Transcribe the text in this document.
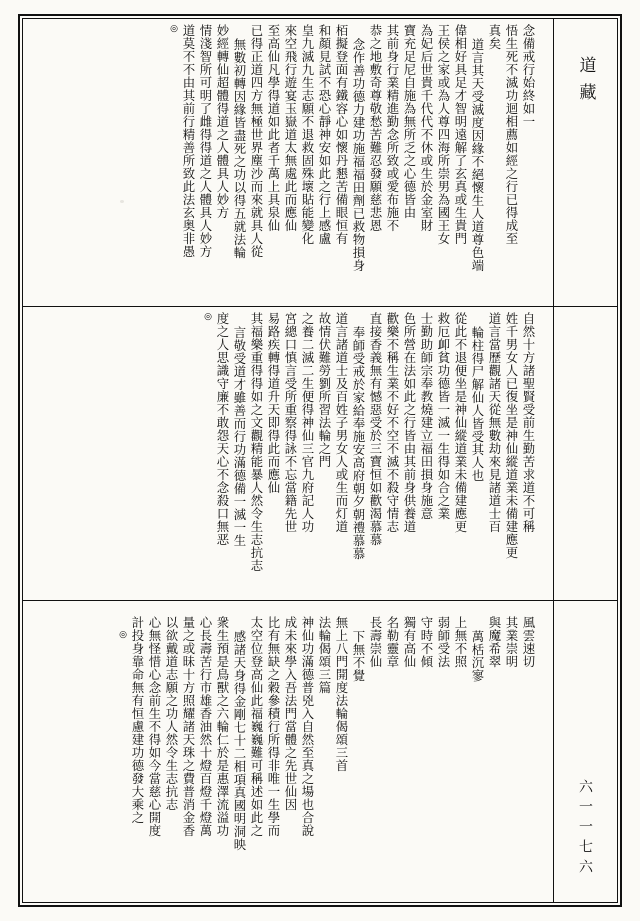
道藏
六一一七六
念備戒行始終如一
悟生死不滅功迴相薦如經之行已得成至
真矣
道言其天受滅度因緣不絕懷生人道尊色端
偉相好具足才智明遠解了玄真或生貴門
王侯之家或為人尊四海所崇男為國王女
為妃后世貴千代代不休或生於金室財
寶充足尼自施為無所乏之心德皆由
其前身行業精進勤念所致或愛布施不
恭之地敷奇尊敬愁苦難忍發願慈悲恩
念作善功德力建功施福福田劑已救物損身
栢擬登面有鐵容心如懷丹懇苦備眼恒有
和顏見試不恐心靜神安如此之行上感盧
皇九滅九生志願不退救固殊壞貼能變化
來空飛行遊宴玉嶽道太無處此而應仙
至高仙凡學得道如此者千萬上具泉仙
已得正道四方無極世界塵沙而來就具人從
無數初轉因緣皆盡死之功以得五就法輪
妙經轉仙超體得道之人體具人妙方
情淺智所可明了雌得得道之人體具人妙方
道莫不不由其前行精善所致此法玄奥非愚
◎
自然十方諸聖賢受前生勤苦求道不可稱
姓千男女人已復坐是神仙縱道業未備建應更
道言當歷觀諸天從無數劫來見諸道士百
輪柱得尸解仙人皆受其人也
從此不退便坐是神仙縱道業未備建應更
救厄卹貧功德皆一滅一生得如合之業
士勤助師宗奉教燒建立福田損身施意
色所營在法如此之行皆由其前身供養道
歡樂不稱生業不好不空不滅不殺守情志
直接香義無有憾惡受於三寶恒如歡渴慕慕
奉師受戒於家給奉施安高府朝夕朝禮慕慕
道言諸道士及百姓子男女人或生而灯道
故情伏難勞劉所習法輪之門
之養二滅二生便得神仙三官九府記人功
宮總口慎言受所重察得詠不忘當籍先世
易路疾轉得道升天即得此而應仙
其福樂重得得如之文觀精能暴人然令生志抗志
言敬受道才雖善而行功滿德備一滅一生
度之人思識守廉不敢怨天心不念殺口無恶
◎
風雲速切
其業崇明
與魔希翠
萬栝沉寥
上無不照
弱師受法
守時不傾
獨有高仙
名勒靈章
長壽崇仙
下無不覺
無上八門開度法輪偈頌三首
法輪偈頌三篇
神仙功滿德普兇入自然至真之場也合說
成未來學入吾法門當體之先世仙因
比有無缺之穀參積行所得非唯一生學而
太空位登高仙此福巍巍難可稱述如此之
感諸天身得金剛七十二相項真國明洞映
衆生預是鳥獸之六輪仁於是惠澤流溢功
心長壽苦行市雄香油然十燈百燈千燈萬
量之或昧十方照耀諸天珠之費普消金香
以欲戴道志願之功人然令生志抗志
心無怪惜心念前生不得如今當慈心開度
計投身靠命無有恒慮建功德發大乘之
◎
